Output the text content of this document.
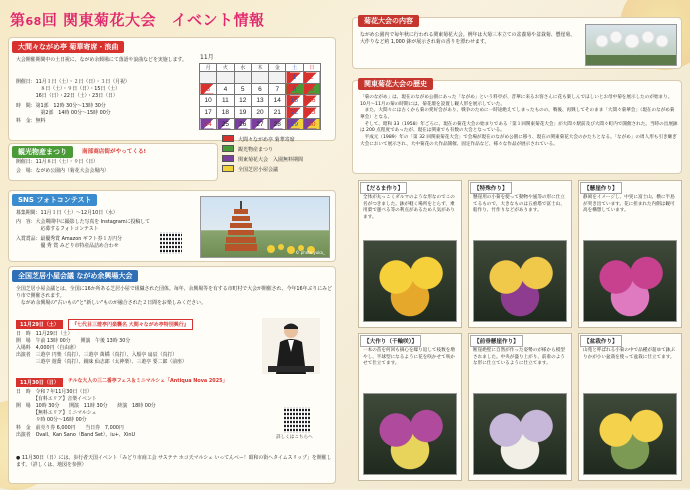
第68回 関東菊花大会　イベント情報
大間々ながめ亭 菊華寄席・浪曲
大会開催期間中の土日祝に、ながめ余興場にて落語や浪曲などを実施します。
開催日：11月１日（土）・２日（日）・３日（月祝）
　　　　　８日（土）・９日（日）・15日（土）
　　　　16日（日）・22日（土）・23日（日）
時　間：第1部　12時 30分～13時 30分
　　　　　第2部　14時 00分～15時 00分
料　金：無料
11月
月	火	水	木	金	土	日
					1	2
3	4	5	6	7	8	9
10	11	12	13	14	15	16
17	18	19	20	21	22	23
24	25	26	27	28	29	30
大間々ながめ亭 菊華寄席
観光物産まつり
関東菊花大会　入園無料期間
全国芝居小屋会議
観光物産まつり	南部商店街がやってくる!
開催日：11月８日（土）・９日（日）
会　場：ながめ公園内（菊花大会会場内）
SNS フォトコンテスト
募集期間：11月１日（土）～12月10日（水）
内　容：大会期間中に撮影した写真を Instagramに投稿して
　　　　　応募するフォトコンテスト
入賞賞品：最優秀賞 Amazon ギフト券１万円分
　　　　　優 秀 賞 みどり市特産品詰め合わせ
© photo.yuka_
全国芝居小屋会議 ながめ余興場大会
全国芝居小屋会議とは、全国に16か所ある芝居小屋で組織された団体。毎年、余興場等を有する市町村で大会が開催され、今年16年ぶりにみどり市で開催されます。
　ながめ余興場の"古いもの"と"新しい"ものが融合された２日間をお楽しみください。
11月29日（土）	『七代目三遊亭円楽襲名 大間々ながめ亭特別興行』
日　時　11月29日（土）
開　場　午前 13時 00分　　開演　午後 13時 30分
入場料　4,000円（自由席）
出演者　三遊亭 円楽（真打）、三遊亭 萬橘（真打）、入船亭 扇辰（真打）
　　　　三遊亭 遊喬（真打）、鏡味 仙志郎（太神楽）、三遊亭 要二郎（前座）
11月30日（日）	チルな大人の三二番亭フェス＆ミニマルシェ「Antiqua Nova 2025」
日　時　令和７年11月30日（日）
　　　　【有料エリア】音楽イベント
開　場　10時 30分　　開演　11時 30分　　終演　18時 00分
　　　　【無料エリア】ミニマルシェ
　　　　９時 00分～16時 00分
料　金　前売り券 6,000円　　当日券　7,000円
出演者　Ovall、Kan Sano（Band Set）、iu+、XinU	詳しくはこちらへ
● 11月30日（日）には、歩行者天国イベント「みどり市商工会 サステナ ホコ天マルシェ いってんべー！昭和の街へタイムスリップ」を開催します。（詳しくは、地図を参照）
菊花大会の内容
ながめ公園内で毎年秋に行われる関東菊花大会。例年は大菊三本立ての盆養菊や盆栽菊、懸崖菊、大作りなど約 1,000 鉢が展示され菊の香りを漂わせます。
関東菊花大会の歴史
「菊のながめ」は、現在のながめ公園にあった「ながめ」という料亭が、昔華に来るお客さんに花も楽しんでほしいとお母中菊を展示したのが始まり。10月～11月の菊の時期には、菊花壇を設置し観人形を展示していた。
　また、大間々には古くから菊の愛好会があり、戦争のために一時途絶えてしまったものの、戦後、再興してそのまま「大間々菊華会」（現在のながめ菊華会）となる。
　そして、昭和 33（1958）年ごろに、現在の菊花大会の始まりである「第１回関東菊花大会」が大間々駅前及び大間々町内で開催された。当時の出展鉢は 200 点程度であったが、現在は関東でも有数の大会となっている。
　平成元（1989）年の「第 32 回関東菊花大会」で会場が現在のながめ公園に移り、現在の関東菊花大会のかたちとなる。「ながめ」の周人形も引き継ぎ大会において展示され、大中菊花の大作品開催、固定作品など、様々な作品が展示されている。
【だるま作り】
全体が丸っこくダルマのような形なのでこの名がつきました。鉢が軽く場所をとらず、乗用菓で運べる等の利点があるため人気があります。
【特殊作り】
懸崖用の小菊を使って動物や風等の形に仕立てるもので、大きなものは五重塔で富士山、船作り、竹作りなどがあります。
【懸崖作り】
静岡をイメージし、中実に富士山、横に半島が突き出ています。花に担まれた内側は観可高を構想しています。
【大作り（千輪咲）】
一本の苗を何回も摘心を繰り返して枝数を増やし、半球型になるように花を咲かせて咲かせて仕立てます。
【前垂懸崖作り】
断崖絶壁に自然が作った姿勢のが様から模型されました。中央が盛り上がり、前垂のような形に仕立ているように仕立てます。
【盆栽作り】
山苑と呼ばれる小菊の中で品種が超ゆて鉢ぶりかが小い盆栽を使って盆栽に仕立てます。
